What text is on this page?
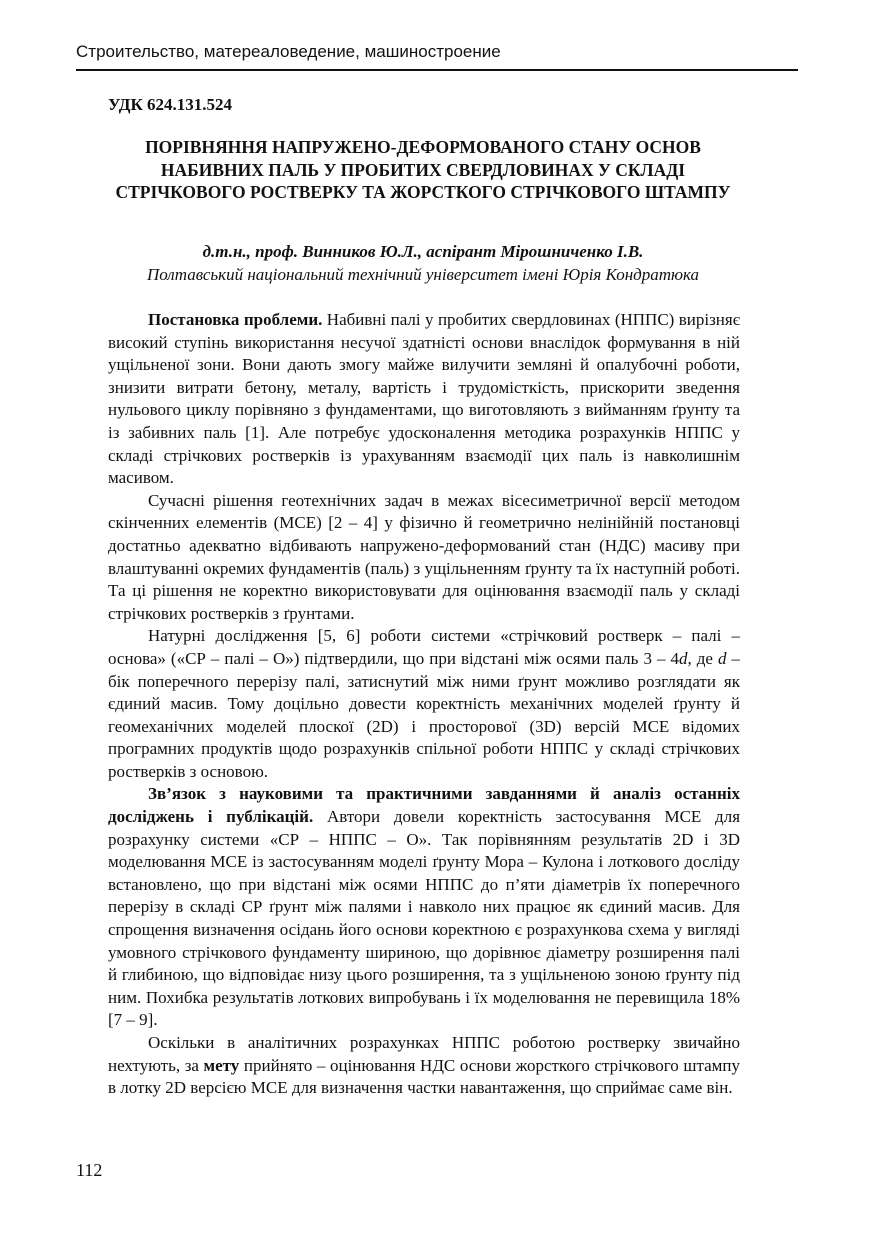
Строительство, матереаловедение, машиностроение
УДК 624.131.524
ПОРІВНЯННЯ НАПРУЖЕНО-ДЕФОРМОВАНОГО СТАНУ ОСНОВ НАБИВНИХ ПАЛЬ У ПРОБИТИХ СВЕРДЛОВИНАХ У СКЛАДІ СТРІЧКОВОГО РОСТВЕРКУ ТА ЖОРСТКОГО СТРІЧКОВОГО ШТАМПУ
д.т.н., проф. Винников Ю.Л., аспірант Мірошниченко І.В.
Полтавський національний технічний університет імені Юрія Кондратюка

Постановка проблеми. Набивні палі у пробитих свердловинах (НППС) вирізняє високий ступінь використання несучої здатністі основи внаслідок формування в ній ущільненої зони. Вони дають змогу майже вилучити земляні й опалубочні роботи, знизити витрати бетону, металу, вартість і трудомісткість, прискорити зведення нульового циклу порівняно з фундаментами, що виготовляють з вийманням ґрунту та із забивних паль [1]. Але потребує удосконалення методика розрахунків НППС у складі стрічкових ростверків із урахуванням взаємодії цих паль із навколишнім масивом.

Сучасні рішення геотехнічних задач в межах вісесиметричної версії методом скінченних елементів (МСЕ) [2 – 4] у фізично й геометрично нелінійній постановці достатньо адекватно відбивають напружено-деформований стан (НДС) масиву при влаштуванні окремих фундаментів (паль) з ущільненням ґрунту та їх наступній роботі. Та ці рішення не коректно використовувати для оцінювання взаємодії паль у складі стрічкових ростверків з ґрунтами.

Натурні дослідження [5, 6] роботи системи «стрічковий ростверк – палі – основа» («СР – палі – О») підтвердили, що при відстані між осями паль 3 – 4d, де d – бік поперечного перерізу палі, затиснутий між ними ґрунт можливо розглядати як єдиний масив. Тому доцільно довести коректність механічних моделей ґрунту й геомеханічних моделей плоскої (2D) і просторової (3D) версій МСЕ відомих програмних продуктів щодо розрахунків спільної роботи НППС у складі стрічкових ростверків з основою.

Зв’язок з науковими та практичними завданнями й аналіз останніх досліджень і публікацій. Автори довели коректність застосування МСЕ для розрахунку системи «СР – НППС – О». Так порівнянням результатів 2D і 3D моделювання МСЕ із застосуванням моделі ґрунту Мора – Кулона і лоткового досліду встановлено, що при відстані між осями НППС до п’яти діаметрів їх поперечного перерізу в складі СР ґрунт між палями і навколо них працює як єдиний масив. Для спрощення визначення осідань його основи коректною є розрахункова схема у вигляді умовного стрічкового фундаменту шириною, що дорівнює діаметру розширення палі й глибиною, що відповідає низу цього розширення, та з ущільненою зоною ґрунту під ним. Похибка результатів лоткових випробувань і їх моделювання не перевищила 18% [7 – 9].

Оскільки в аналітичних розрахунках НППС роботою ростверку звичайно нехтують, за мету прийнято – оцінювання НДС основи жорсткого стрічкового штампу в лотку 2D версією МСЕ для визначення частки навантаження, що сприймає саме він.

112
